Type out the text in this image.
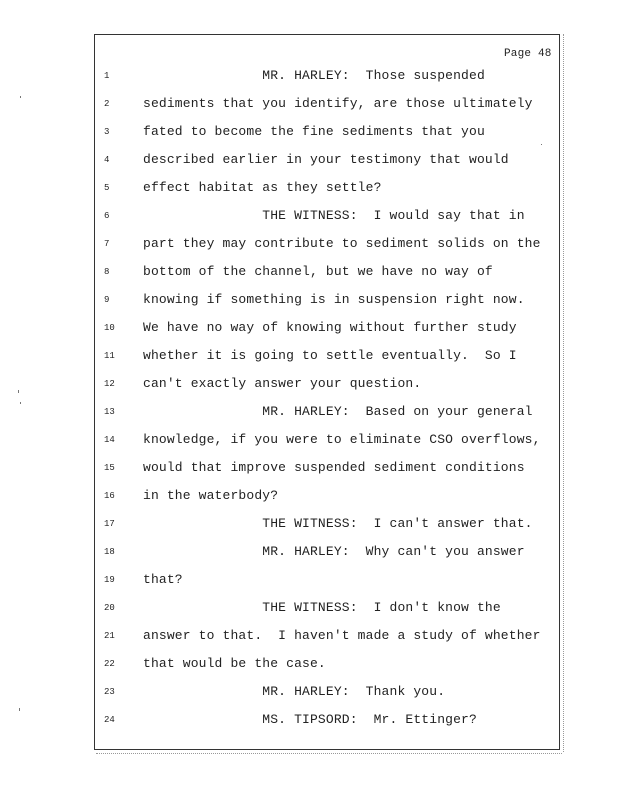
Page 48
1	MR. HARLEY:  Those suspended
2	sediments that you identify, are those ultimately
3	fated to become the fine sediments that you
4	described earlier in your testimony that would
5	effect habitat as they settle?
6	THE WITNESS:  I would say that in
7	part they may contribute to sediment solids on the
8	bottom of the channel, but we have no way of
9	knowing if something is in suspension right now.
10	We have no way of knowing without further study
11	whether it is going to settle eventually.  So I
12	can't exactly answer your question.
13	MR. HARLEY:  Based on your general
14	knowledge, if you were to eliminate CSO overflows,
15	would that improve suspended sediment conditions
16	in the waterbody?
17	THE WITNESS:  I can't answer that.
18	MR. HARLEY:  Why can't you answer
19	that?
20	THE WITNESS:  I don't know the
21	answer to that.  I haven't made a study of whether
22	that would be the case.
23	MR. HARLEY:  Thank you.
24	MS. TIPSORD:  Mr. Ettinger?
